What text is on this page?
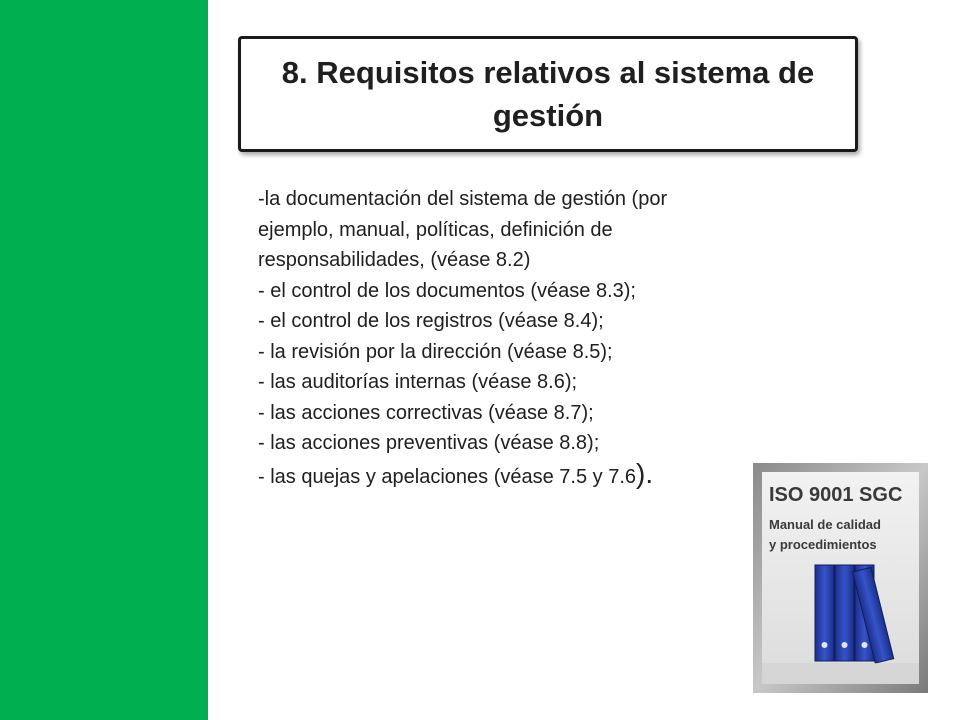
8. Requisitos relativos al sistema de gestión
-la documentación del sistema de gestión (por
ejemplo, manual, políticas, definición de
responsabilidades, (véase 8.2)
- el control de los documentos (véase 8.3);
- el control de los registros (véase 8.4);
- la revisión por la dirección (véase 8.5);
- las auditorías internas (véase 8.6);
- las acciones correctivas (véase 8.7);
- las acciones preventivas (véase 8.8);
- las quejas y apelaciones (véase 7.5 y 7.6).
ISO 9001 SGC
Manual de calidad
y procedimientos
